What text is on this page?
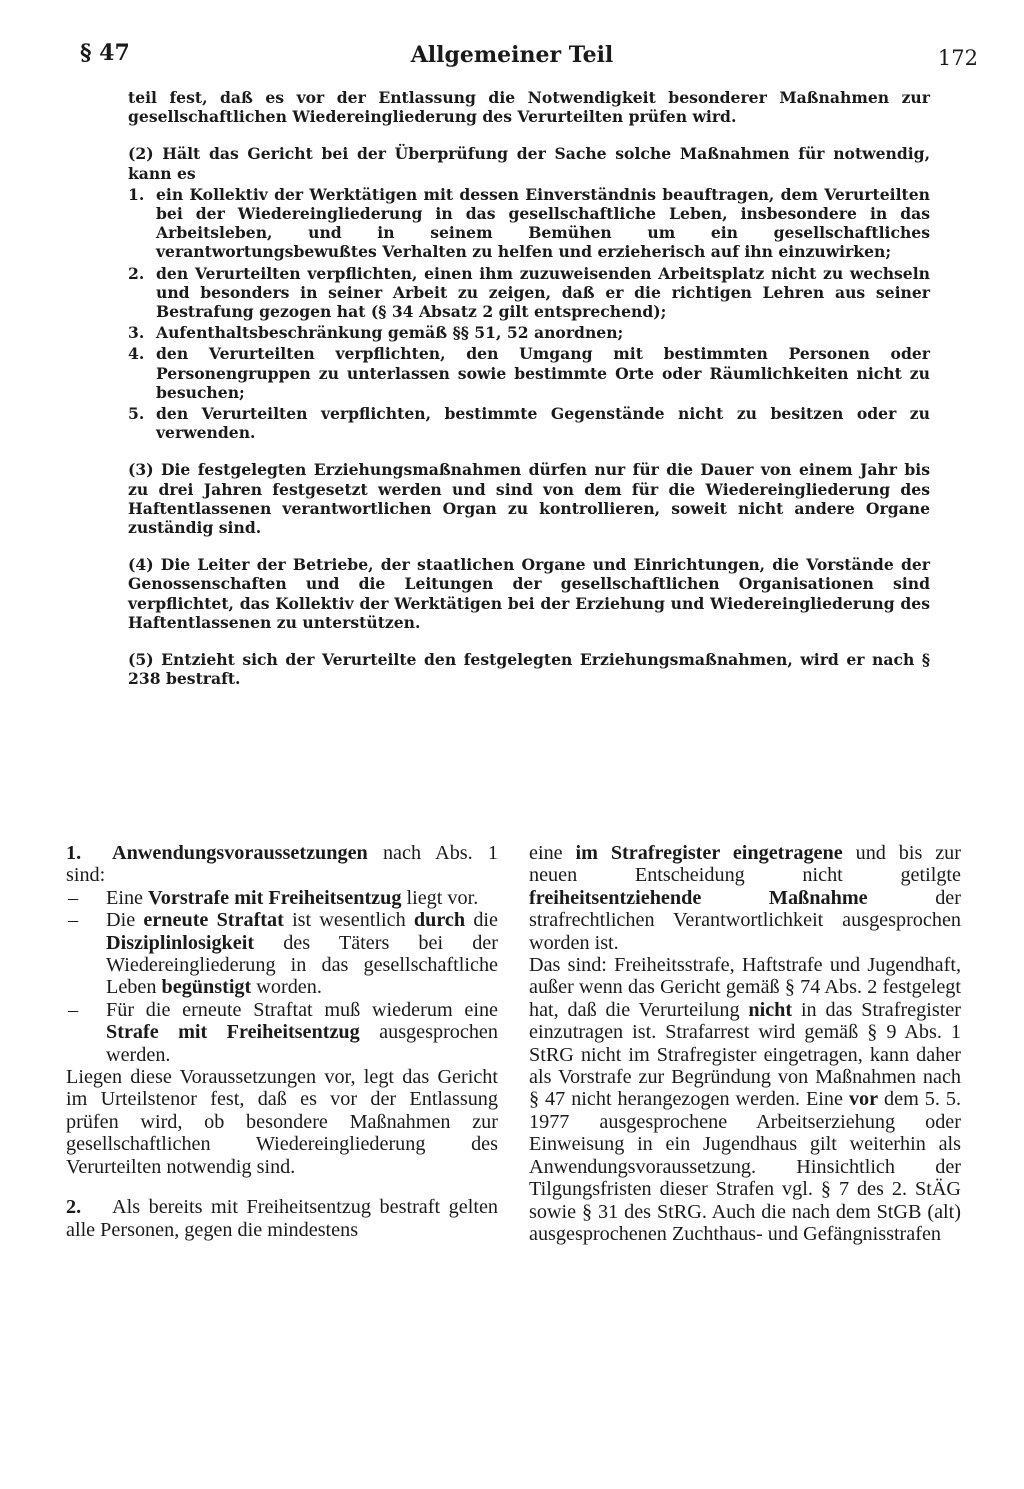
§ 47	Allgemeiner Teil	172

teil fest, daß es vor der Entlassung die Notwendigkeit besonderer Maßnahmen zur gesellschaftlichen Wiedereingliederung des Verurteilten prüfen wird.

(2) Hält das Gericht bei der Überprüfung der Sache solche Maßnahmen für notwendig, kann es

1. ein Kollektiv der Werktätigen mit dessen Einverständnis beauftragen, dem Verurteilten bei der Wiedereingliederung in das gesellschaftliche Leben, insbesondere in das Arbeitsleben, und in seinem Bemühen um ein gesellschaftliches verantwortungsbewußtes Verhalten zu helfen und erzieherisch auf ihn einzuwirken;
2. den Verurteilten verpflichten, einen ihm zuzuweisenden Arbeitsplatz nicht zu wechseln und besonders in seiner Arbeit zu zeigen, daß er die richtigen Lehren aus seiner Bestrafung gezogen hat (§ 34 Absatz 2 gilt entsprechend);
3. Aufenthaltsbeschränkung gemäß §§ 51, 52 anordnen;
4. den Verurteilten verpflichten, den Umgang mit bestimmten Personen oder Personengruppen zu unterlassen sowie bestimmte Orte oder Räumlichkeiten nicht zu besuchen;
5. den Verurteilten verpflichten, bestimmte Gegenstände nicht zu besitzen oder zu verwenden.

(3) Die festgelegten Erziehungsmaßnahmen dürfen nur für die Dauer von einem Jahr bis zu drei Jahren festgesetzt werden und sind von dem für die Wiedereingliederung des Haftentlassenen verantwortlichen Organ zu kontrollieren, soweit nicht andere Organe zuständig sind.

(4) Die Leiter der Betriebe, der staatlichen Organe und Einrichtungen, die Vorstände der Genossenschaften und die Leitungen der gesellschaftlichen Organisationen sind verpflichtet, das Kollektiv der Werktätigen bei der Erziehung und Wiedereingliederung des Haftentlassenen zu unterstützen.

(5) Entzieht sich der Verurteilte den festgelegten Erziehungsmaßnahmen, wird er nach § 238 bestraft.

1. Anwendungsvoraussetzungen nach Abs. 1 sind:

– Eine Vorstrafe mit Freiheitsentzug liegt vor.

– Die erneute Straftat ist wesentlich durch die Disziplinlosigkeit des Täters bei der Wiedereingliederung in das gesellschaftliche Leben begünstigt worden.

– Für die erneute Straftat muß wiederum eine Strafe mit Freiheitsentzug ausgesprochen werden.

Liegen diese Voraussetzungen vor, legt das Gericht im Urteilstenor fest, daß es vor der Entlassung prüfen wird, ob besondere Maßnahmen zur gesellschaftlichen Wiedereingliederung des Verurteilten notwendig sind.

2. Als bereits mit Freiheitsentzug bestraft gelten alle Personen, gegen die mindestens

eine im Strafregister eingetragene und bis zur neuen Entscheidung nicht getilgte freiheitsentziehende Maßnahme der strafrechtlichen Verantwortlichkeit ausgesprochen worden ist.

Das sind: Freiheitsstrafe, Haftstrafe und Jugendhaft, außer wenn das Gericht gemäß § 74 Abs. 2 festgelegt hat, daß die Verurteilung nicht in das Strafregister einzutragen ist. Strafarrest wird gemäß § 9 Abs. 1 StRG nicht im Strafregister eingetragen, kann daher als Vorstrafe zur Begründung von Maßnahmen nach § 47 nicht herangezogen werden. Eine vor dem 5. 5. 1977 ausgesprochene Arbeitserziehung oder Einweisung in ein Jugendhaus gilt weiterhin als Anwendungsvoraussetzung. Hinsichtlich der Tilgungsfristen dieser Strafen vgl. § 7 des 2. StÄG sowie § 31 des StRG. Auch die nach dem StGB (alt) ausgesprochenen Zuchthaus- und Gefängnisstrafen
